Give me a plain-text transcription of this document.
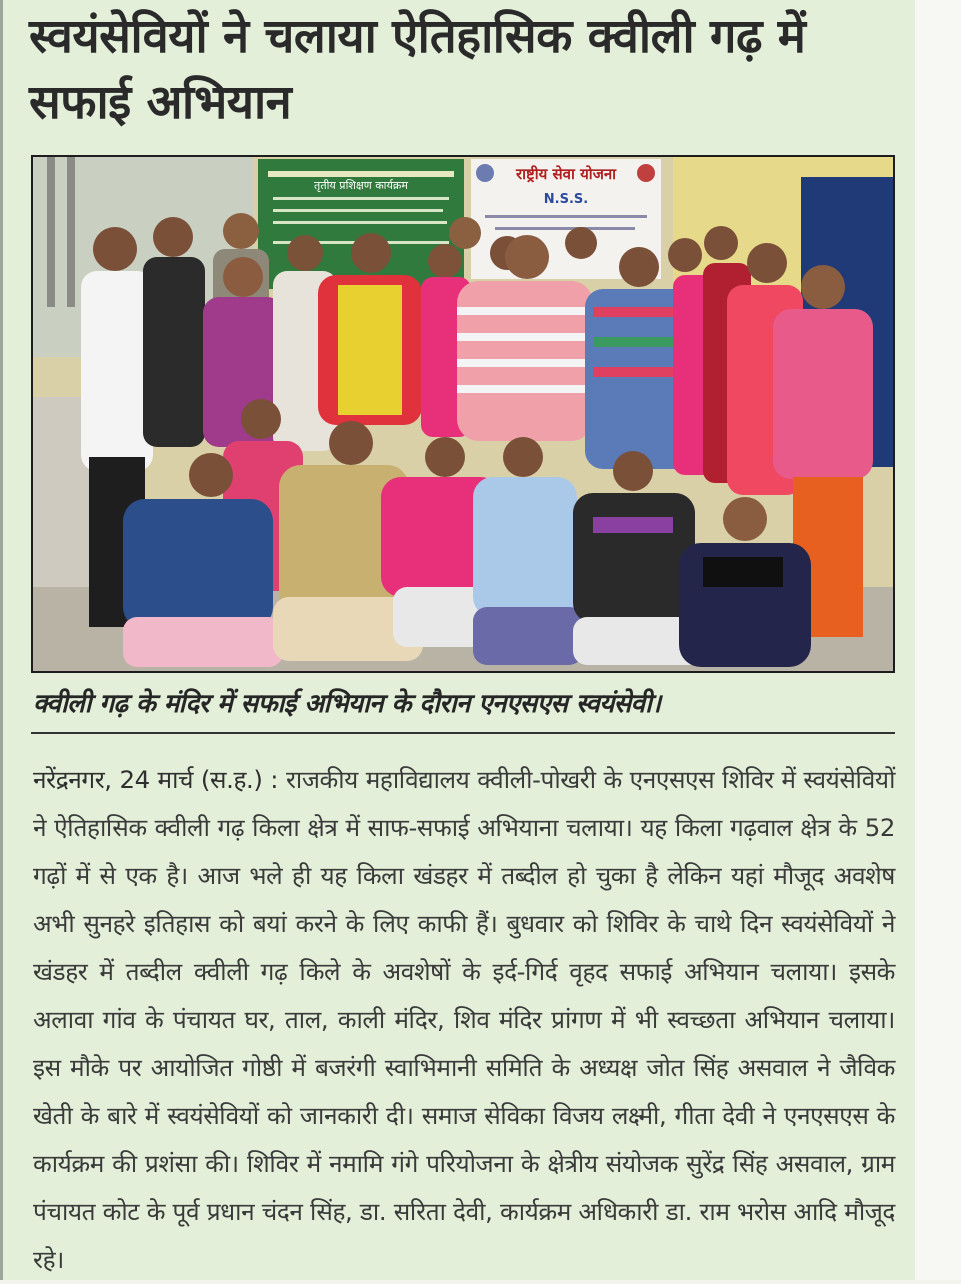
स्वयंसेवियों ने चलाया ऐतिहासिक क्वीली गढ़ में सफाई अभियान
तृतीय प्रशिक्षण कार्यक्रम
राष्ट्रीय सेवा योजना
N.S.S.

क्वीली गढ़ के मंदिर में सफाई अभियान के दौरान एनएसएस स्वयंसेवी।

नरेंद्रनगर, 24 मार्च (स.ह.) : राजकीय महाविद्यालय क्वीली-पोखरी के एनएसएस शिविर में स्वयंसेवियों ने ऐतिहासिक क्वीली गढ़ किला क्षेत्र में साफ-सफाई अभियाना चलाया। यह किला गढ़वाल क्षेत्र के 52 गढ़ों में से एक है। आज भले ही यह किला खंडहर में तब्दील हो चुका है लेकिन यहां मौजूद अवशेष अभी सुनहरे इतिहास को बयां करने के लिए काफी हैं। बुधवार को शिविर के चाथे दिन स्वयंसेवियों ने खंडहर में तब्दील क्वीली गढ़ किले के अवशेषों के इर्द-गिर्द वृहद सफाई अभियान चलाया। इसके अलावा गांव के पंचायत घर, ताल, काली मंदिर, शिव मंदिर प्रांगण में भी स्वच्छता अभियान चलाया। इस मौके पर आयोजित गोष्ठी में बजरंगी स्वाभिमानी समिति के अध्यक्ष जोत सिंह असवाल ने जैविक खेती के बारे में स्वयंसेवियों को जानकारी दी। समाज सेविका विजय लक्ष्मी, गीता देवी ने एनएसएस के कार्यक्रम की प्रशंसा की। शिविर में नमामि गंगे परियोजना के क्षेत्रीय संयोजक सुरेंद्र सिंह असवाल, ग्राम पंचायत कोट के पूर्व प्रधान चंदन सिंह, डा. सरिता देवी, कार्यक्रम अधिकारी डा. राम भरोस आदि मौजूद रहे।
